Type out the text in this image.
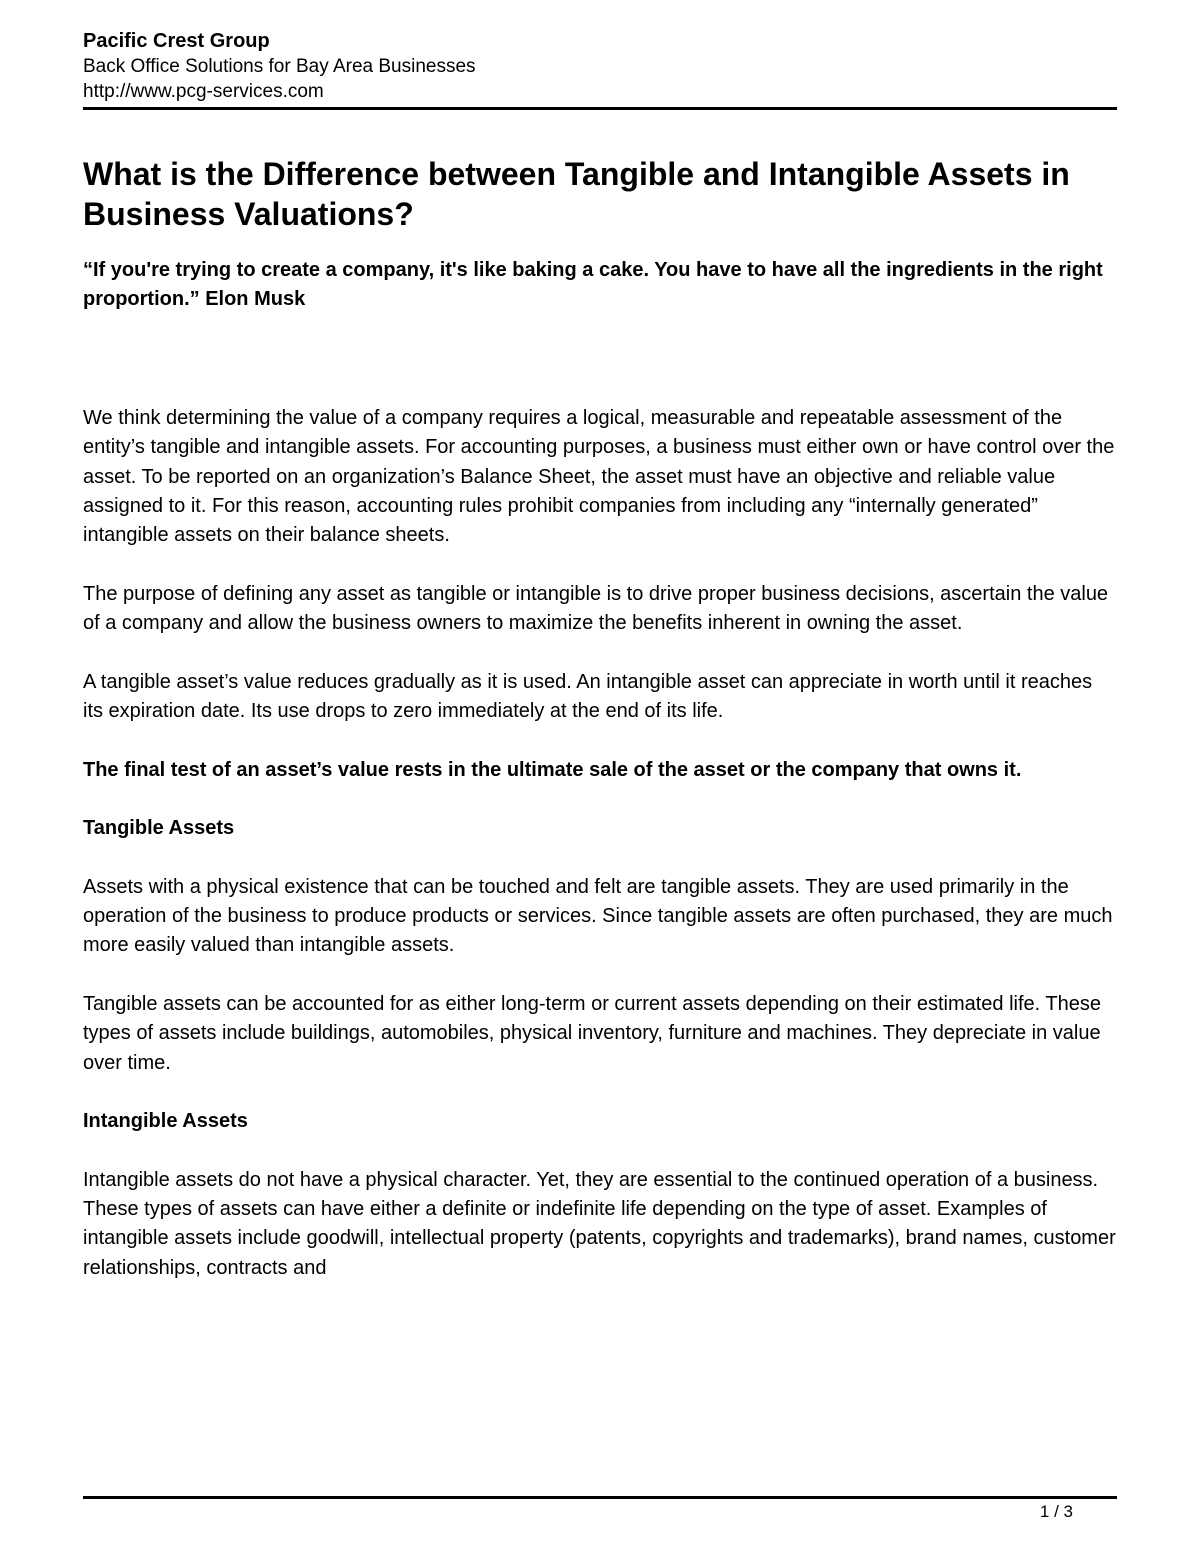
Pacific Crest Group
Back Office Solutions for Bay Area Businesses
http://www.pcg-services.com
What is the Difference between Tangible and Intangible Assets in Business Valuations?

“If you're trying to create a company, it's like baking a cake. You have to have all the ingredients in the right proportion.” Elon Musk

We think determining the value of a company requires a logical, measurable and repeatable assessment of the entity’s tangible and intangible assets. For accounting purposes, a business must either own or have control over the asset. To be reported on an organization’s Balance Sheet, the asset must have an objective and reliable value assigned to it. For this reason, accounting rules prohibit companies from including any “internally generated” intangible assets on their balance sheets.

The purpose of defining any asset as tangible or intangible is to drive proper business decisions, ascertain the value of a company and allow the business owners to maximize the benefits inherent in owning the asset.

A tangible asset’s value reduces gradually as it is used. An intangible asset can appreciate in worth until it reaches its expiration date. Its use drops to zero immediately at the end of its life.

The final test of an asset’s value rests in the ultimate sale of the asset or the company that owns it.

Tangible Assets

Assets with a physical existence that can be touched and felt are tangible assets. They are used primarily in the operation of the business to produce products or services. Since tangible assets are often purchased, they are much more easily valued than intangible assets.

Tangible assets can be accounted for as either long-term or current assets depending on their estimated life. These types of assets include buildings, automobiles, physical inventory, furniture and machines. They depreciate in value over time.

Intangible Assets

Intangible assets do not have a physical character. Yet, they are essential to the continued operation of a business. These types of assets can have either a definite or indefinite life depending on the type of asset. Examples of intangible assets include goodwill, intellectual property (patents, copyrights and trademarks), brand names, customer relationships, contracts and

1 / 3
